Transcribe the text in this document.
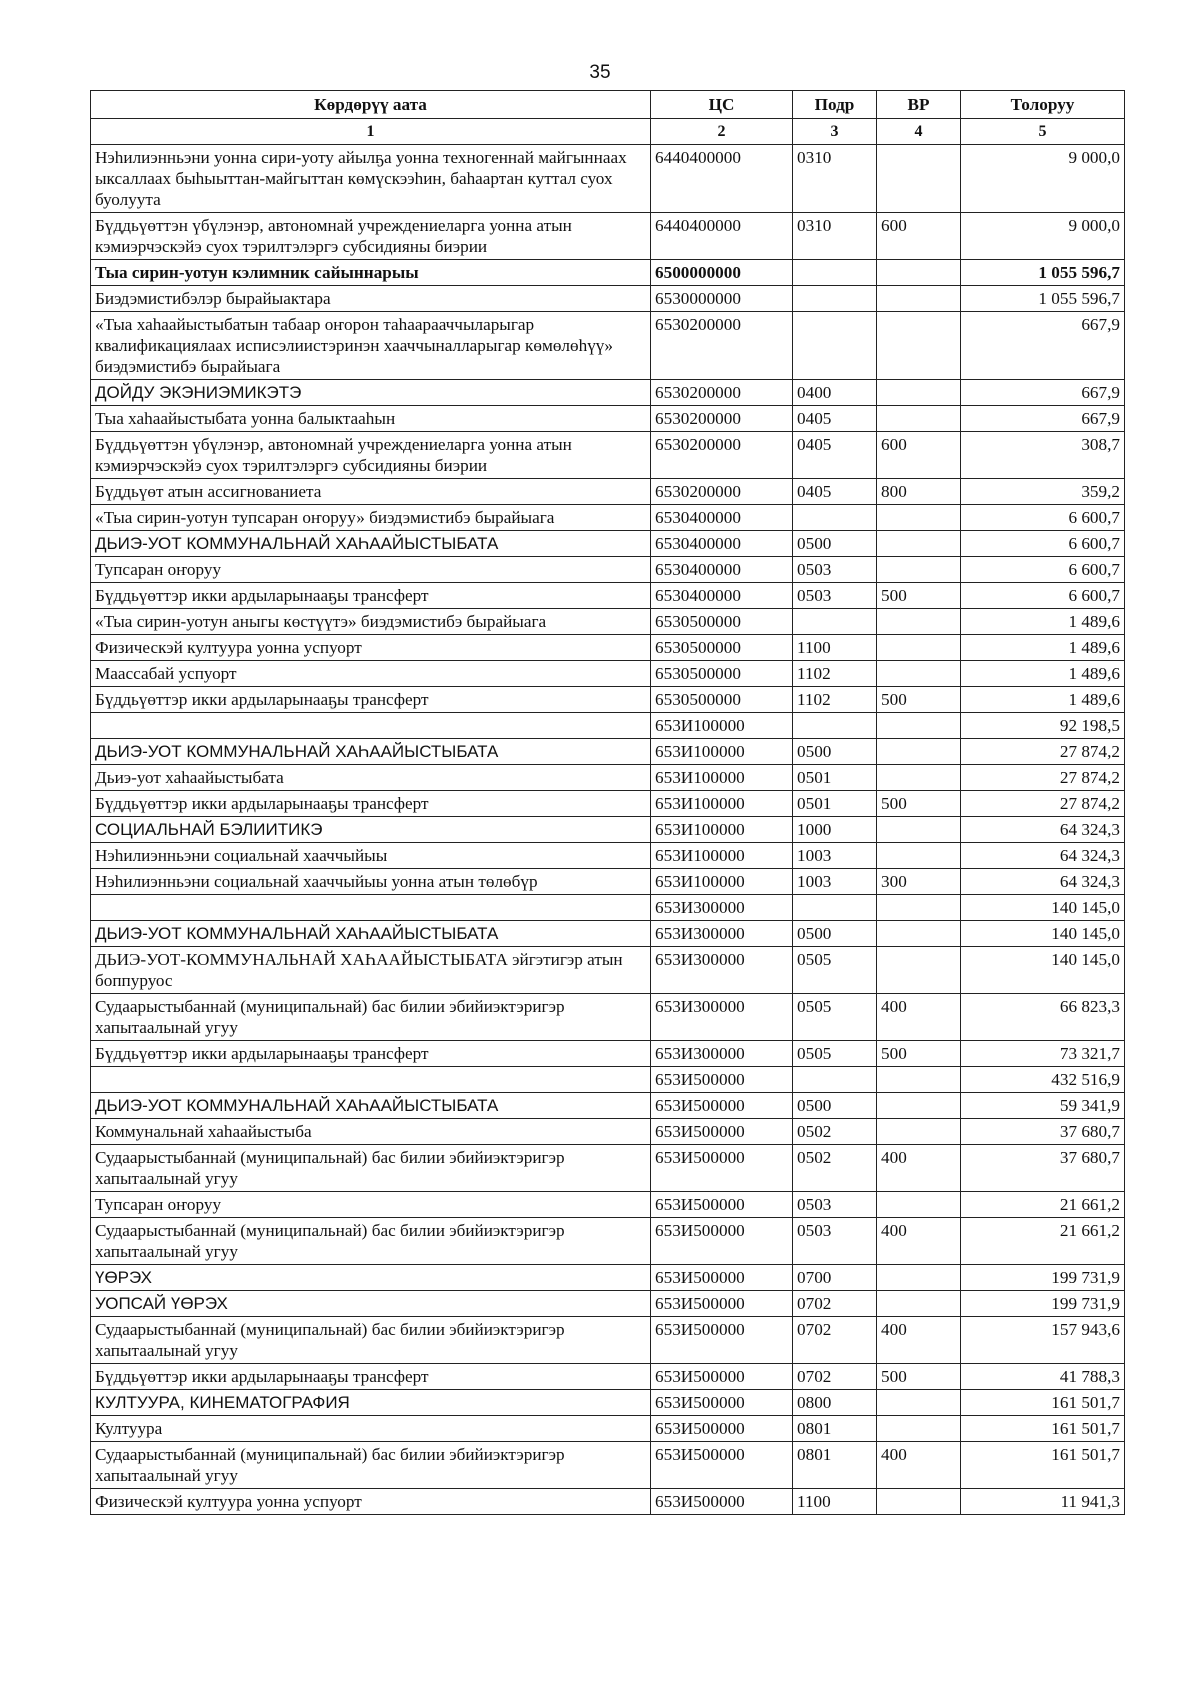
35
Көрдөрүү аата	ЦС	Подр	ВР	Толоруу
1	2	3	4	5
Нэһилиэнньэни уонна сири-уоту айылҕа уонна техногеннай майгыннаах ыксаллаах быһыыттан-майгыттан көмүскээһин, баһаартан куттал суох буолуута	6440400000	0310		9 000,0
Бүддьүөттэн үбүлэнэр, автономнай учреждениеларга уонна атын кэмиэрчэскэйэ суох тэрилтэлэргэ субсидияны биэрии	6440400000	0310	600	9 000,0
Тыа сирин-уотун кэлимник сайыннарыы	6500000000			1 055 596,7
Биэдэмистибэлэр бырайыактара	6530000000			1 055 596,7
«Тыа хаһаайыстыбатын табаар оҥорон таһаарааччыларыгар квалификациялаах исписэлиистэринэн хааччыналларыгар көмөлөһүү» биэдэмистибэ бырайыага	6530200000			667,9
ДОЙДУ ЭКЭНИЭМИКЭТЭ	6530200000	0400		667,9
Тыа хаһаайыстыбата уонна балыктааһын	6530200000	0405		667,9
Бүддьүөттэн үбүлэнэр, автономнай учреждениеларга уонна атын кэмиэрчэскэйэ суох тэрилтэлэргэ субсидияны биэрии	6530200000	0405	600	308,7
Бүддьүөт атын ассигнованиета	6530200000	0405	800	359,2
«Тыа сирин-уотун тупсаран оҥоруу» биэдэмистибэ бырайыага	6530400000			6 600,7
ДЬИЭ-УОТ КОММУНАЛЬНАЙ ХАҺААЙЫСТЫБАТА	6530400000	0500		6 600,7
Тупсаран оҥоруу	6530400000	0503		6 600,7
Бүддьүөттэр икки ардыларынааҕы трансферт	6530400000	0503	500	6 600,7
«Тыа сирин-уотун аныгы көстүүтэ» биэдэмистибэ бырайыага	6530500000			1 489,6
Физическэй култуура уонна успуорт	6530500000	1100		1 489,6
Маассабай успуорт	6530500000	1102		1 489,6
Бүддьүөттэр икки ардыларынааҕы трансферт	6530500000	1102	500	1 489,6
	653И100000			92 198,5
ДЬИЭ-УОТ КОММУНАЛЬНАЙ ХАҺААЙЫСТЫБАТА	653И100000	0500		27 874,2
Дьиэ-уот хаһаайыстыбата	653И100000	0501		27 874,2
Бүддьүөттэр икки ардыларынааҕы трансферт	653И100000	0501	500	27 874,2
СОЦИАЛЬНАЙ БЭЛИИТИКЭ	653И100000	1000		64 324,3
Нэһилиэнньэни социальнай хааччыйыы	653И100000	1003		64 324,3
Нэһилиэнньэни социальнай хааччыйыы уонна атын төлөбүр	653И100000	1003	300	64 324,3
	653И300000			140 145,0
ДЬИЭ-УОТ КОММУНАЛЬНАЙ ХАҺААЙЫСТЫБАТА	653И300000	0500		140 145,0
ДЬИЭ-УОТ-КОММУНАЛЬНАЙ ХАҺААЙЫСТЫБАТА эйгэтигэр атын боппуруос	653И300000	0505		140 145,0
Судаарыстыбаннай (муниципальнай) бас билии эбийиэктэригэр хапытаалынай угуу	653И300000	0505	400	66 823,3
Бүддьүөттэр икки ардыларынааҕы трансферт	653И300000	0505	500	73 321,7
	653И500000			432 516,9
ДЬИЭ-УОТ КОММУНАЛЬНАЙ ХАҺААЙЫСТЫБАТА	653И500000	0500		59 341,9
Коммунальнай хаһаайыстыба	653И500000	0502		37 680,7
Судаарыстыбаннай (муниципальнай) бас билии эбийиэктэригэр хапытаалынай угуу	653И500000	0502	400	37 680,7
Тупсаран оҥоруу	653И500000	0503		21 661,2
Судаарыстыбаннай (муниципальнай) бас билии эбийиэктэригэр хапытаалынай угуу	653И500000	0503	400	21 661,2
ҮӨРЭХ	653И500000	0700		199 731,9
УОПСАЙ ҮӨРЭХ	653И500000	0702		199 731,9
Судаарыстыбаннай (муниципальнай) бас билии эбийиэктэригэр хапытаалынай угуу	653И500000	0702	400	157 943,6
Бүддьүөттэр икки ардыларынааҕы трансферт	653И500000	0702	500	41 788,3
КУЛТУУРА, КИНЕМАТОГРАФИЯ	653И500000	0800		161 501,7
Култуура	653И500000	0801		161 501,7
Судаарыстыбаннай (муниципальнай) бас билии эбийиэктэригэр хапытаалынай угуу	653И500000	0801	400	161 501,7
Физическэй култуура уонна успуорт	653И500000	1100		11 941,3
